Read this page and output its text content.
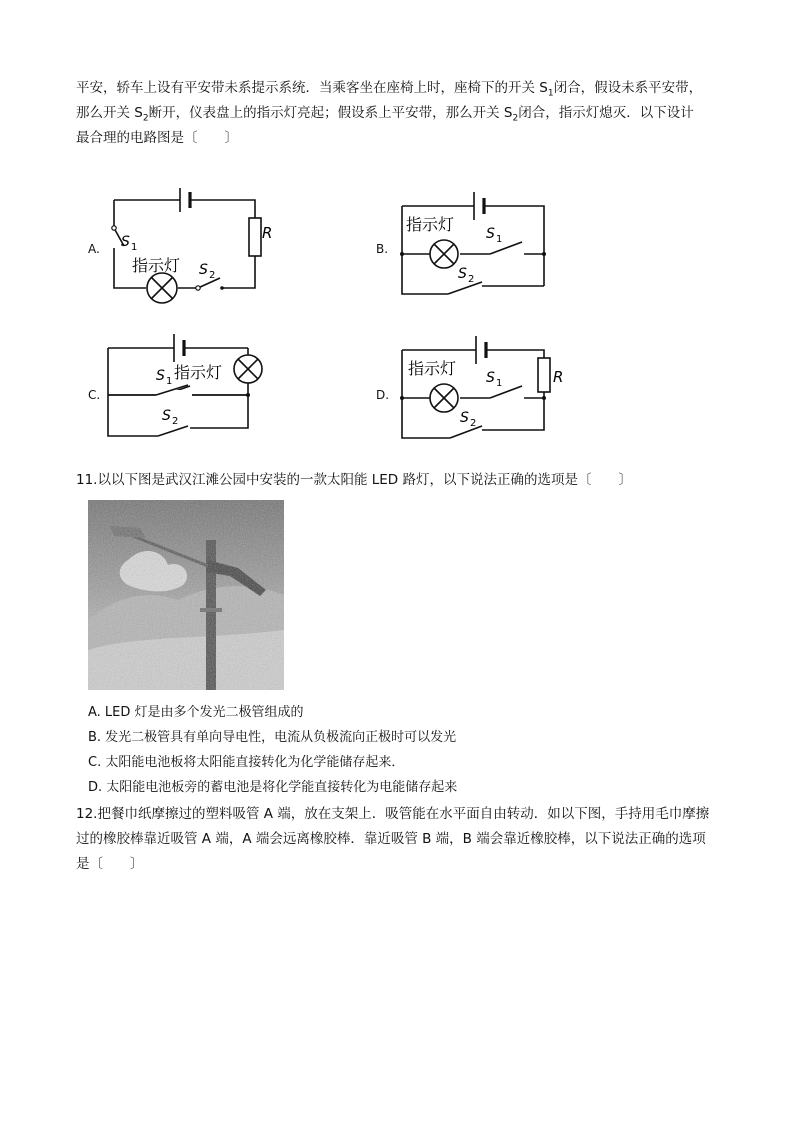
平安，轿车上设有平安带未系提示系统．当乘客坐在座椅上时，座椅下的开关 $S_1$闭合，假设未系平安带，
那么开关 $S_2$断开，仪表盘上的指示灯亮起；假设系上平安带，那么开关 $S_2$闭合，指示灯熄灭．以下设计
最合理的电路图是〔　　〕
A.
指示灯
S 1
S 2
R
B.
指示灯 S 1
S 2
C.
S 1 指示灯
S 2
D.
指示灯 S 1
S 2
R
11.以以下图是武汉江滩公园中安装的一款太阳能 LED 路灯，以下说法正确的选项是〔　　〕
A. LED 灯是由多个发光二极管组成的
B. 发光二极管具有单向导电性，电流从负极流向正极时可以发光
C. 太阳能电池板将太阳能直接转化为化学能储存起来．
D. 太阳能电池板旁的蓄电池是将化学能直接转化为电能储存起来
12.把餐巾纸摩擦过的塑料吸管 A 端，放在支架上．吸管能在水平面自由转动．如以下图，手持用毛巾摩擦
过的橡胶棒靠近吸管 A 端，A 端会远离橡胶棒．靠近吸管 B 端，B 端会靠近橡胶棒，以下说法正确的选项
是〔　　〕
